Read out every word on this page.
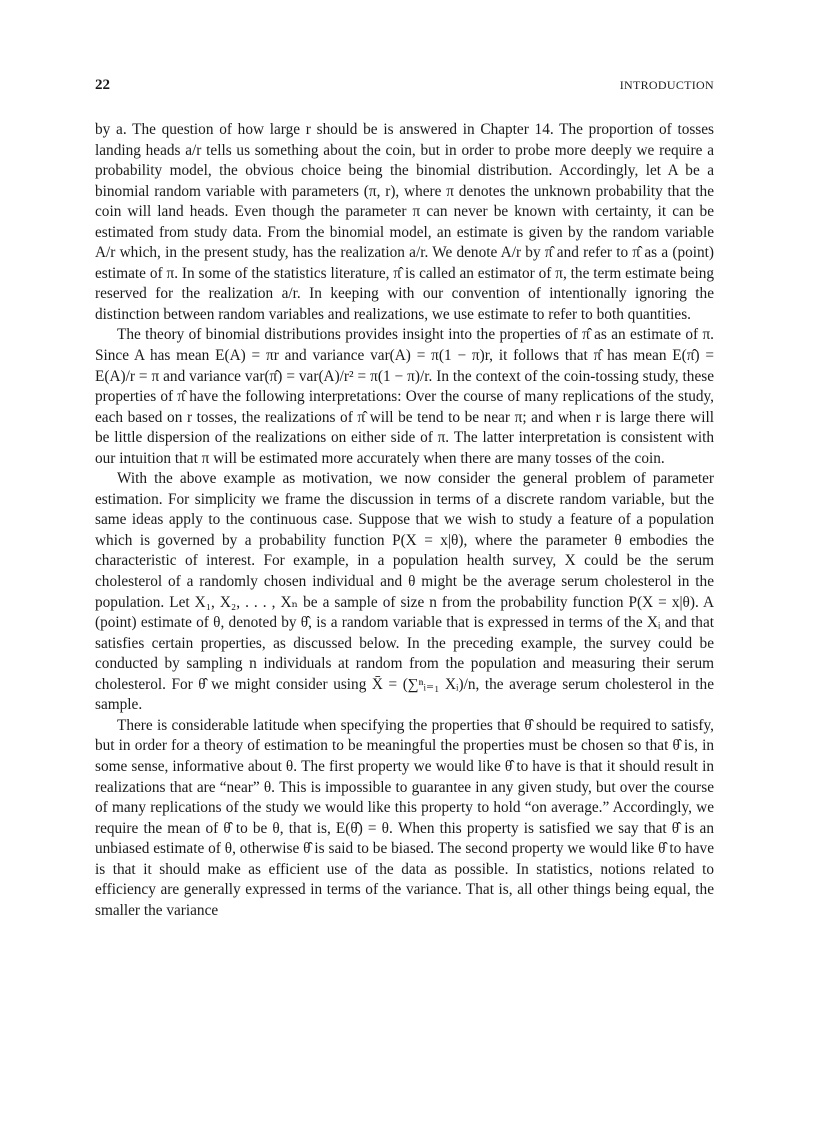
22	INTRODUCTION

by a. The question of how large r should be is answered in Chapter 14. The proportion of tosses landing heads a/r tells us something about the coin, but in order to probe more deeply we require a probability model, the obvious choice being the binomial distribution. Accordingly, let A be a binomial random variable with parameters (π, r), where π denotes the unknown probability that the coin will land heads. Even though the parameter π can never be known with certainty, it can be estimated from study data. From the binomial model, an estimate is given by the random variable A/r which, in the present study, has the realization a/r. We denote A/r by π̂ and refer to π̂ as a (point) estimate of π. In some of the statistics literature, π̂ is called an estimator of π, the term estimate being reserved for the realization a/r. In keeping with our convention of intentionally ignoring the distinction between random variables and realizations, we use estimate to refer to both quantities.

The theory of binomial distributions provides insight into the properties of π̂ as an estimate of π. Since A has mean E(A) = πr and variance var(A) = π(1 − π)r, it follows that π̂ has mean E(π̂) = E(A)/r = π and variance var(π̂) = var(A)/r² = π(1 − π)/r. In the context of the coin-tossing study, these properties of π̂ have the following interpretations: Over the course of many replications of the study, each based on r tosses, the realizations of π̂ will be tend to be near π; and when r is large there will be little dispersion of the realizations on either side of π. The latter interpretation is consistent with our intuition that π will be estimated more accurately when there are many tosses of the coin.

With the above example as motivation, we now consider the general problem of parameter estimation. For simplicity we frame the discussion in terms of a discrete random variable, but the same ideas apply to the continuous case. Suppose that we wish to study a feature of a population which is governed by a probability function P(X = x|θ), where the parameter θ embodies the characteristic of interest. For example, in a population health survey, X could be the serum cholesterol of a randomly chosen individual and θ might be the average serum cholesterol in the population. Let X₁, X₂, . . . , Xₙ be a sample of size n from the probability function P(X = x|θ). A (point) estimate of θ, denoted by θ̂, is a random variable that is expressed in terms of the Xᵢ and that satisfies certain properties, as discussed below. In the preceding example, the survey could be conducted by sampling n individuals at random from the population and measuring their serum cholesterol. For θ̂ we might consider using X̄ = (∑ⁿᵢ₌₁ Xᵢ)/n, the average serum cholesterol in the sample.

There is considerable latitude when specifying the properties that θ̂ should be required to satisfy, but in order for a theory of estimation to be meaningful the properties must be chosen so that θ̂ is, in some sense, informative about θ. The first property we would like θ̂ to have is that it should result in realizations that are “near” θ. This is impossible to guarantee in any given study, but over the course of many replications of the study we would like this property to hold “on average.” Accordingly, we require the mean of θ̂ to be θ, that is, E(θ̂) = θ. When this property is satisfied we say that θ̂ is an unbiased estimate of θ, otherwise θ̂ is said to be biased. The second property we would like θ̂ to have is that it should make as efficient use of the data as possible. In statistics, notions related to efficiency are generally expressed in terms of the variance. That is, all other things being equal, the smaller the variance
